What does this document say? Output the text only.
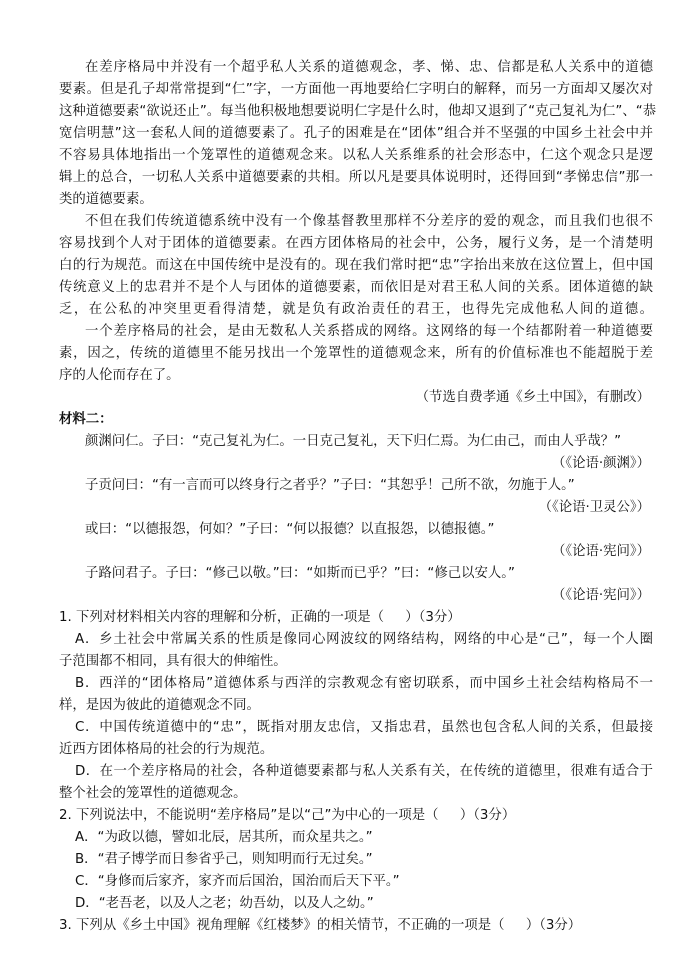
在差序格局中并没有一个超乎私人关系的道德观念，孝、悌、忠、信都是私人关系中的道德
要素。但是孔子却常常提到“仁”字，一方面他一再地要给仁字明白的解释，而另一方面却又屡次对
这种道德要素“欲说还止”。每当他积极地想要说明仁字是什么时，他却又退到了“克己复礼为仁”、“恭
宽信明慧”这一套私人间的道德要素了。孔子的困难是在“团体”组合并不坚强的中国乡土社会中并
不容易具体地指出一个笼罩性的道德观念来。以私人关系维系的社会形态中，仁这个观念只是逻
辑上的总合，一切私人关系中道德要素的共相。所以凡是要具体说明时，还得回到“孝悌忠信”那一
类的道德要素。
不但在我们传统道德系统中没有一个像基督教里那样不分差序的爱的观念，而且我们也很不
容易找到个人对于团体的道德要素。在西方团体格局的社会中，公务，履行义务，是一个清楚明
白的行为规范。而这在中国传统中是没有的。现在我们常时把“忠”字抬出来放在这位置上，但中国
传统意义上的忠君并不是个人与团体的道德要素，而依旧是对君王私人间的关系。团体道德的缺
乏，在公私的冲突里更看得清楚，就是负有政治责任的君王，也得先完成他私人间的道德。
一个差序格局的社会，是由无数私人关系搭成的网络。这网络的每一个结都附着一种道德要
素，因之，传统的道德里不能另找出一个笼罩性的道德观念来，所有的价值标准也不能超脱于差
序的人伦而存在了。
（节选自费孝通《乡土中国》，有删改）
材料二：
颜渊问仁。子曰：“克己复礼为仁。一日克己复礼，天下归仁焉。为仁由己，而由人乎哉？”
（《论语·颜渊》）
子贡问曰：“有一言而可以终身行之者乎？”子曰：“其恕乎！己所不欲，勿施于人。”
（《论语·卫灵公》）
或曰：“以德报怨，何如？”子曰：“何以报德？以直报怨，以德报德。”
（《论语·宪问》）
子路问君子。子曰：“修己以敬。”曰：“如斯而已乎？”曰：“修己以安人。”
（《论语·宪问》）
1. 下列对材料相关内容的理解和分析，正确的一项是（     ）（3分）
A．乡土社会中常属关系的性质是像同心网波纹的网络结构，网络的中心是“己”，每一个人圈
子范围都不相同，具有很大的伸缩性。
B．西洋的“团体格局”道德体系与西洋的宗教观念有密切联系，而中国乡土社会结构格局不一
样，是因为彼此的道德观念不同。
C．中国传统道德中的“忠”，既指对朋友忠信，又指忠君，虽然也包含私人间的关系，但最接
近西方团体格局的社会的行为规范。
D．在一个差序格局的社会，各种道德要素都与私人关系有关，在传统的道德里，很难有适合于
整个社会的笼罩性的道德观念。
2. 下列说法中，不能说明“差序格局”是以“己”为中心的一项是（     ）（3分）
A．“为政以德，譬如北辰，居其所，而众星共之。”
B．“君子博学而日参省乎己，则知明而行无过矣。”
C．“身修而后家齐，家齐而后国治，国治而后天下平。”
D．“老吾老，以及人之老；幼吾幼，以及人之幼。”
3. 下列从《乡土中国》视角理解《红楼梦》的相关情节，不正确的一项是（     ）（3分）
